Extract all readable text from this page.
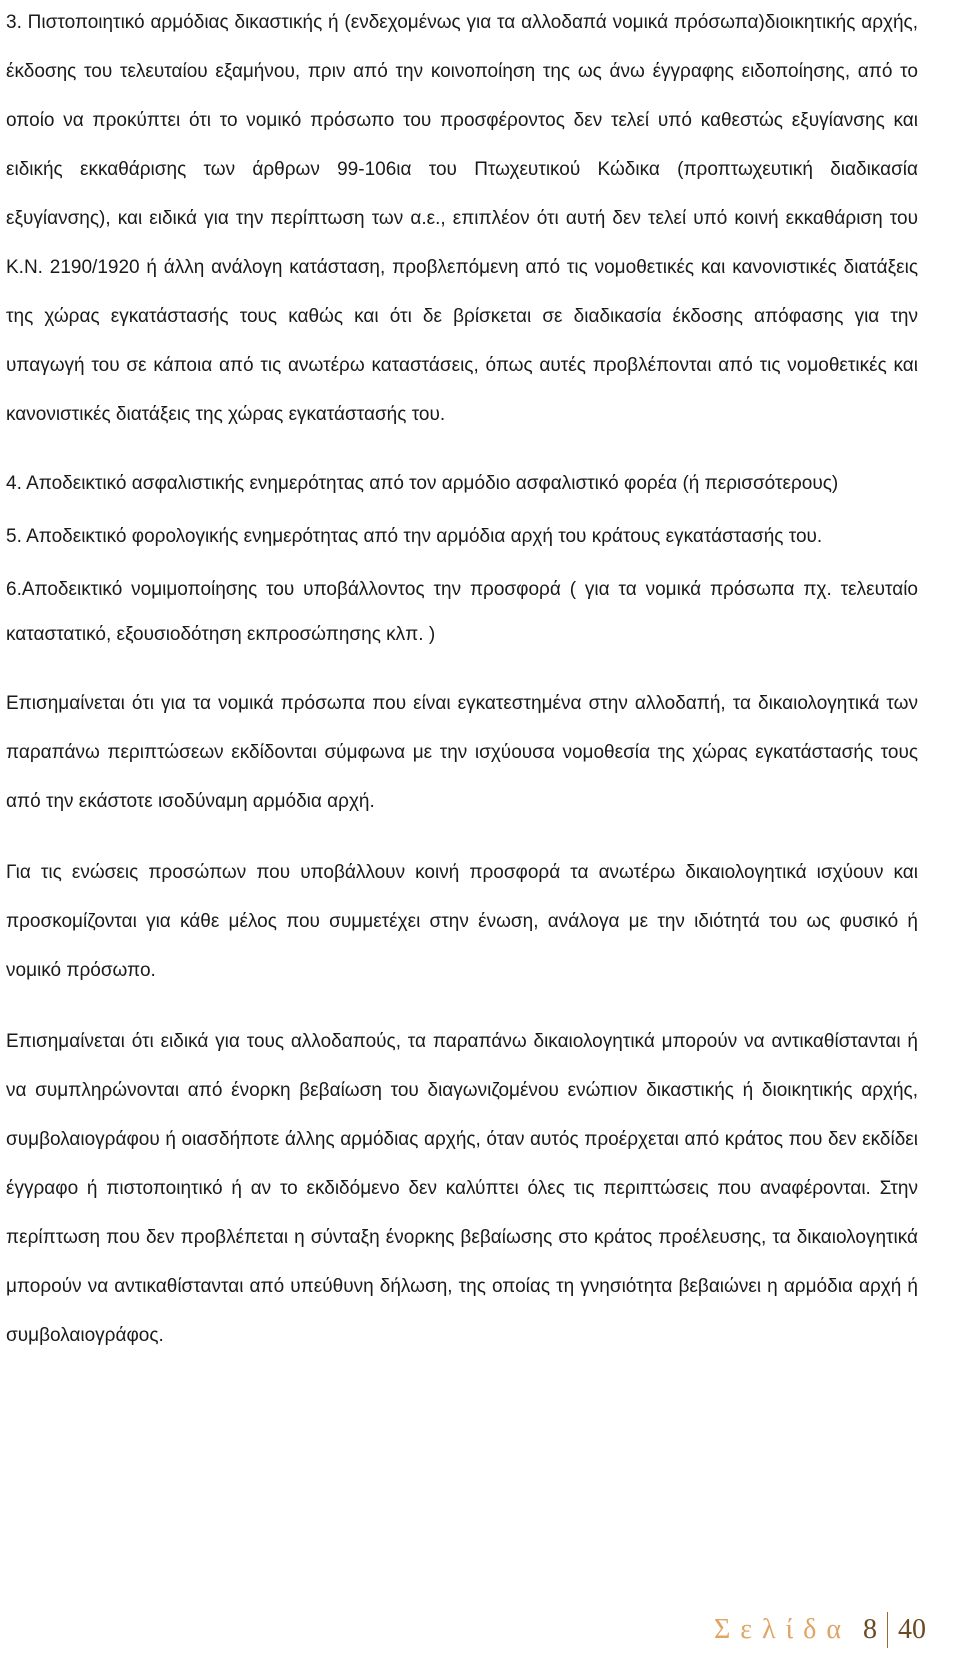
3. Πιστοποιητικό αρμόδιας δικαστικής ή (ενδεχομένως για τα αλλοδαπά νομικά πρόσωπα)διοικητικής αρχής, έκδοσης του τελευταίου εξαμήνου, πριν από την κοινοποίηση της ως άνω έγγραφης ειδοποίησης, από το οποίο να προκύπτει ότι το νομικό πρόσωπο του προσφέροντος δεν τελεί υπό καθεστώς εξυγίανσης και ειδικής εκκαθάρισης των άρθρων 99-106ια του Πτωχευτικού Κώδικα (προπτωχευτική διαδικασία εξυγίανσης), και ειδικά για την περίπτωση των α.ε., επιπλέον ότι αυτή δεν τελεί υπό κοινή εκκαθάριση του Κ.Ν. 2190/1920 ή άλλη ανάλογη κατάσταση, προβλεπόμενη από τις νομοθετικές και κανονιστικές διατάξεις της χώρας εγκατάστασής τους καθώς και ότι δε βρίσκεται σε διαδικασία έκδοσης απόφασης για την υπαγωγή του σε κάποια από τις ανωτέρω καταστάσεις, όπως αυτές προβλέπονται από τις νομοθετικές και κανονιστικές διατάξεις της χώρας εγκατάστασής του.

4. Αποδεικτικό ασφαλιστικής ενημερότητας από τον αρμόδιο ασφαλιστικό φορέα (ή περισσότερους)

5. Αποδεικτικό φορολογικής ενημερότητας από την αρμόδια αρχή του κράτους εγκατάστασής του.

6.Αποδεικτικό νομιμοποίησης του υποβάλλοντος την προσφορά ( για τα νομικά πρόσωπα πχ. τελευταίο καταστατικό, εξουσιοδότηση εκπροσώπησης κλπ. )

Επισημαίνεται ότι για τα νομικά πρόσωπα που είναι εγκατεστημένα στην αλλοδαπή, τα δικαιολογητικά των παραπάνω περιπτώσεων εκδίδονται σύμφωνα με την ισχύουσα νομοθεσία της χώρας εγκατάστασής τους από την εκάστοτε ισοδύναμη αρμόδια αρχή.

Για τις ενώσεις προσώπων που υποβάλλουν κοινή προσφορά τα ανωτέρω δικαιολογητικά ισχύουν και προσκομίζονται για κάθε μέλος που συμμετέχει στην ένωση, ανάλογα με την ιδιότητά του ως φυσικό ή νομικό πρόσωπο.

Επισημαίνεται ότι ειδικά για τους αλλοδαπούς, τα παραπάνω δικαιολογητικά μπορούν να αντικαθίστανται ή να συμπληρώνονται από ένορκη βεβαίωση του διαγωνιζομένου ενώπιον δικαστικής ή διοικητικής αρχής, συμβολαιογράφου ή οιασδήποτε άλλης αρμόδιας αρχής, όταν αυτός προέρχεται από κράτος που δεν εκδίδει έγγραφο ή πιστοποιητικό ή αν το εκδιδόμενο δεν καλύπτει όλες τις περιπτώσεις που αναφέρονται. Στην περίπτωση που δεν προβλέπεται η σύνταξη ένορκης βεβαίωσης στο κράτος προέλευσης, τα δικαιολογητικά μπορούν να αντικαθίστανται από υπεύθυνη δήλωση, της οποίας τη γνησιότητα βεβαιώνει η αρμόδια αρχή ή συμβολαιογράφος.

Σελίδα 8 40
